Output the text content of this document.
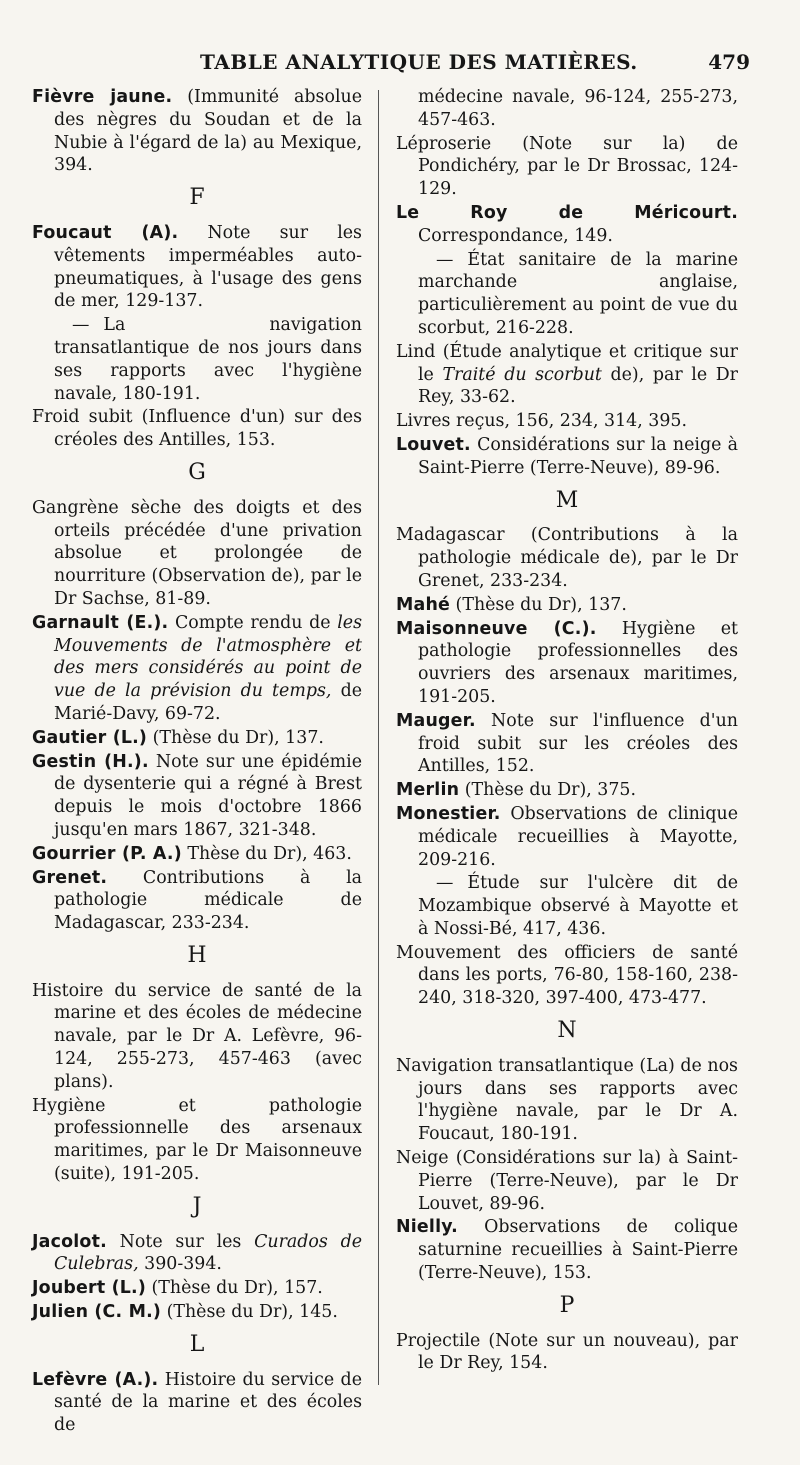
TABLE ANALYTIQUE DES MATIÈRES.	479
Fièvre jaune. (Immunité absolue des nègres du Soudan et de la Nubie à l'égard de la) au Mexique, 394.
F
Foucaut (A). Note sur les vêtements imperméables auto-pneumatiques, à l'usage des gens de mer, 129-137.
— La navigation transatlantique de nos jours dans ses rapports avec l'hygiène navale, 180-191.
Froid subit (Influence d'un) sur des créoles des Antilles, 153.
G
Gangrène sèche des doigts et des orteils précédée d'une privation absolue et prolongée de nourriture (Observation de), par le Dr Sachse, 81-89.
Garnault (E.). Compte rendu de les Mouvements de l'atmosphère et des mers considérés au point de vue de la prévision du temps, de Marié-Davy, 69-72.
Gautier (L.) (Thèse du Dr), 137.
Gestin (H.). Note sur une épidémie de dysenterie qui a régné à Brest depuis le mois d'octobre 1866 jusqu'en mars 1867, 321-348.
Gourrier (P. A.) Thèse du Dr), 463.
Grenet. Contributions à la pathologie médicale de Madagascar, 233-234.
H
Histoire du service de santé de la marine et des écoles de médecine navale, par le Dr A. Lefèvre, 96-124, 255-273, 457-463 (avec plans).
Hygiène et pathologie professionnelle des arsenaux maritimes, par le Dr Maisonneuve (suite), 191-205.
J
Jacolot. Note sur les Curados de Culebras, 390-394.
Joubert (L.) (Thèse du Dr), 157.
Julien (C. M.) (Thèse du Dr), 145.
L
Lefèvre (A.). Histoire du service de santé de la marine et des écoles de
médecine navale, 96-124, 255-273, 457-463.
Léproserie (Note sur la) de Pondichéry, par le Dr Brossac, 124-129.
Le Roy de Méricourt. Correspondance, 149.
— État sanitaire de la marine marchande anglaise, particulièrement au point de vue du scorbut, 216-228.
Lind (Étude analytique et critique sur le Traité du scorbut de), par le Dr Rey, 33-62.
Livres reçus, 156, 234, 314, 395.
Louvet. Considérations sur la neige à Saint-Pierre (Terre-Neuve), 89-96.
M
Madagascar (Contributions à la pathologie médicale de), par le Dr Grenet, 233-234.
Mahé (Thèse du Dr), 137.
Maisonneuve (C.). Hygiène et pathologie professionnelles des ouvriers des arsenaux maritimes, 191-205.
Mauger. Note sur l'influence d'un froid subit sur les créoles des Antilles, 152.
Merlin (Thèse du Dr), 375.
Monestier. Observations de clinique médicale recueillies à Mayotte, 209-216.
— Étude sur l'ulcère dit de Mozambique observé à Mayotte et à Nossi-Bé, 417, 436.
Mouvement des officiers de santé dans les ports, 76-80, 158-160, 238-240, 318-320, 397-400, 473-477.
N
Navigation transatlantique (La) de nos jours dans ses rapports avec l'hygiène navale, par le Dr A. Foucaut, 180-191.
Neige (Considérations sur la) à Saint-Pierre (Terre-Neuve), par le Dr Louvet, 89-96.
Nielly. Observations de colique saturnine recueillies à Saint-Pierre (Terre-Neuve), 153.
P
Projectile (Note sur un nouveau), par le Dr Rey, 154.
